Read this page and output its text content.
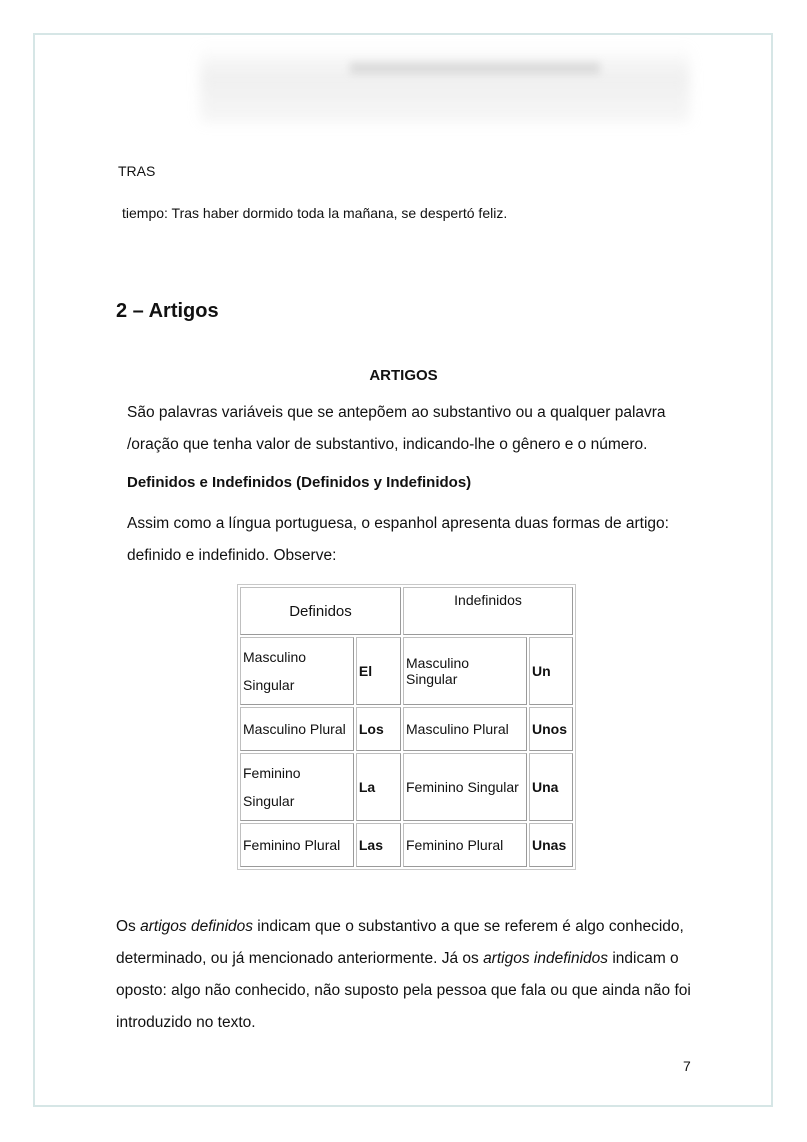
TRAS
tiempo: Tras haber dormido toda la mañana, se despertó feliz.
2 – Artigos
ARTIGOS
São palavras variáveis que se antepõem ao substantivo ou a qualquer palavra
/oração que tenha valor de substantivo, indicando-lhe o gênero e o número.
Definidos e Indefinidos (Definidos y Indefinidos)
Assim como a língua portuguesa, o espanhol apresenta duas formas de artigo:
definido e indefinido. Observe:
Definidos		Indefinidos	

Masculino
Singular	El	Masculino Singular	Un
Masculino Plural	Los	Masculino Plural	Unos

Feminino
Singular	La	Feminino Singular	Una
Feminino Plural	Las	Feminino Plural	Unas
Os artigos definidos indicam que o substantivo a que se referem é algo conhecido,
determinado, ou já mencionado anteriormente. Já os artigos indefinidos indicam o
oposto: algo não conhecido, não suposto pela pessoa que fala ou que ainda não foi
introduzido no texto.
7
